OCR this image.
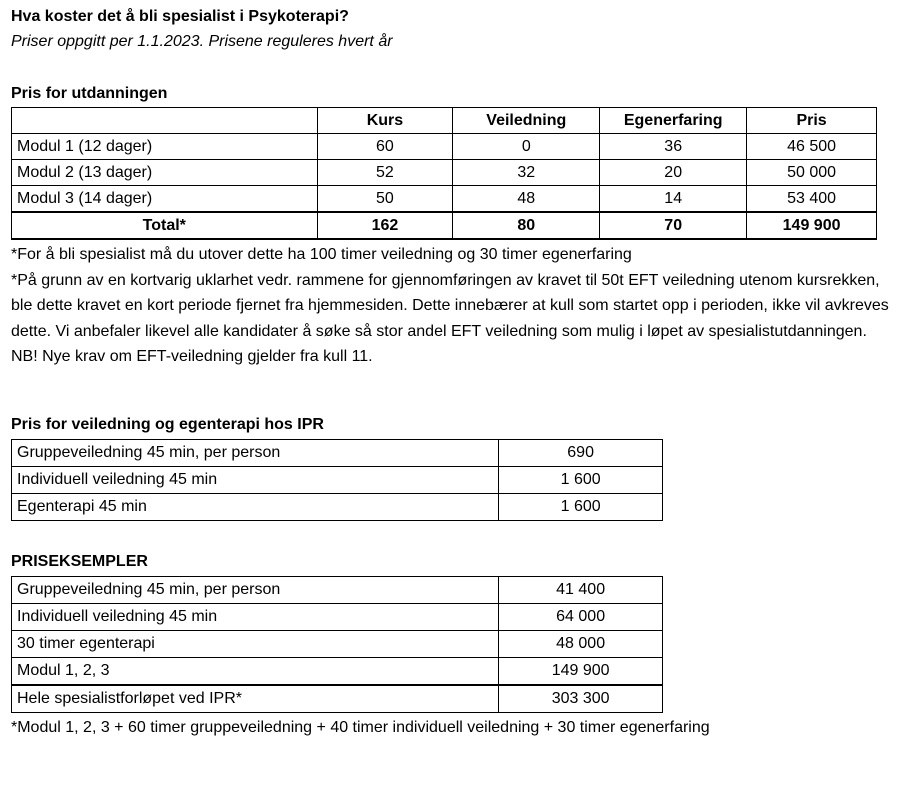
Hva koster det å bli spesialist i Psykoterapi?
Priser oppgitt per 1.1.2023. Prisene reguleres hvert år
Pris for utdanningen
	Kurs	Veiledning	Egenerfaring	Pris
Modul 1 (12 dager)	60	0	36	46 500
Modul 2 (13 dager)	52	32	20	50 000
Modul 3 (14 dager)	50	48	14	53 400
Total*	162	80	70	149 900

*For å bli spesialist må du utover dette ha 100 timer veiledning og 30 timer egenerfaring

*På grunn av en kortvarig uklarhet vedr. rammene for gjennomføringen av kravet til 50t EFT veiledning utenom kursrekken, ble dette kravet en kort periode fjernet fra hjemmesiden. Dette innebærer at kull som startet opp i perioden, ikke vil avkreves dette. Vi anbefaler likevel alle kandidater å søke så stor andel EFT veiledning som mulig i løpet av spesialistutdanningen. NB! Nye krav om EFT-veiledning gjelder fra kull 11.

Pris for veiledning og egenterapi hos IPR
Gruppeveiledning 45 min, per person	690
Individuell veiledning 45 min	1 600
Egenterapi 45 min	1 600
PRISEKSEMPLER
Gruppeveiledning 45 min, per person	41 400
Individuell veiledning 45 min	64 000
30 timer egenterapi	48 000
Modul 1, 2, 3	149 900
Hele spesialistforløpet ved IPR*	303 300

*Modul 1, 2, 3 + 60 timer gruppeveiledning + 40 timer individuell veiledning + 30 timer egenerfaring
